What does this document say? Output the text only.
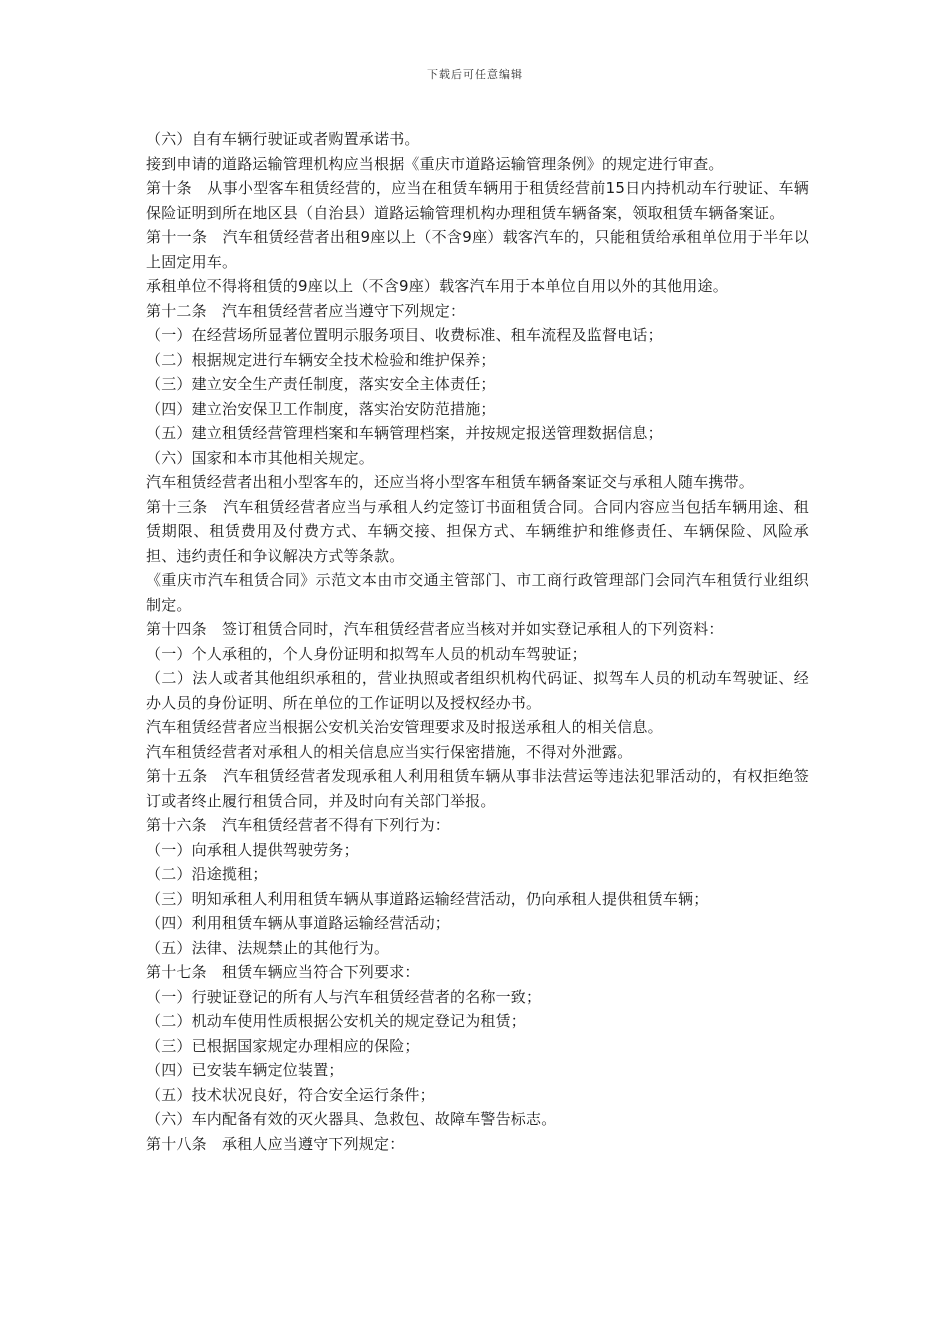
下载后可任意编辑

（六）自有车辆行驶证或者购置承诺书。

接到申请的道路运输管理机构应当根据《重庆市道路运输管理条例》的规定进行审查。

第十条　从事小型客车租赁经营的，应当在租赁车辆用于租赁经营前15日内持机动车行驶证、车辆保险证明到所在地区县（自治县）道路运输管理机构办理租赁车辆备案，领取租赁车辆备案证。

第十一条　汽车租赁经营者出租9座以上（不含9座）载客汽车的，只能租赁给承租单位用于半年以上固定用车。

承租单位不得将租赁的9座以上（不含9座）载客汽车用于本单位自用以外的其他用途。

第十二条　汽车租赁经营者应当遵守下列规定：

（一）在经营场所显著位置明示服务项目、收费标准、租车流程及监督电话；

（二）根据规定进行车辆安全技术检验和维护保养；

（三）建立安全生产责任制度，落实安全主体责任；

（四）建立治安保卫工作制度，落实治安防范措施；

（五）建立租赁经营管理档案和车辆管理档案，并按规定报送管理数据信息；

（六）国家和本市其他相关规定。

汽车租赁经营者出租小型客车的，还应当将小型客车租赁车辆备案证交与承租人随车携带。

第十三条　汽车租赁经营者应当与承租人约定签订书面租赁合同。合同内容应当包括车辆用途、租赁期限、租赁费用及付费方式、车辆交接、担保方式、车辆维护和维修责任、车辆保险、风险承担、违约责任和争议解决方式等条款。

《重庆市汽车租赁合同》示范文本由市交通主管部门、市工商行政管理部门会同汽车租赁行业组织制定。

第十四条　签订租赁合同时，汽车租赁经营者应当核对并如实登记承租人的下列资料：

（一）个人承租的，个人身份证明和拟驾车人员的机动车驾驶证；

（二）法人或者其他组织承租的，营业执照或者组织机构代码证、拟驾车人员的机动车驾驶证、经办人员的身份证明、所在单位的工作证明以及授权经办书。

汽车租赁经营者应当根据公安机关治安管理要求及时报送承租人的相关信息。

汽车租赁经营者对承租人的相关信息应当实行保密措施，不得对外泄露。

第十五条　汽车租赁经营者发现承租人利用租赁车辆从事非法营运等违法犯罪活动的，有权拒绝签订或者终止履行租赁合同，并及时向有关部门举报。

第十六条　汽车租赁经营者不得有下列行为：

（一）向承租人提供驾驶劳务；

（二）沿途揽租；

（三）明知承租人利用租赁车辆从事道路运输经营活动，仍向承租人提供租赁车辆；

（四）利用租赁车辆从事道路运输经营活动；

（五）法律、法规禁止的其他行为。

第十七条　租赁车辆应当符合下列要求：

（一）行驶证登记的所有人与汽车租赁经营者的名称一致；

（二）机动车使用性质根据公安机关的规定登记为租赁；

（三）已根据国家规定办理相应的保险；

（四）已安装车辆定位装置；

（五）技术状况良好，符合安全运行条件；

（六）车内配备有效的灭火器具、急救包、故障车警告标志。

第十八条　承租人应当遵守下列规定：
